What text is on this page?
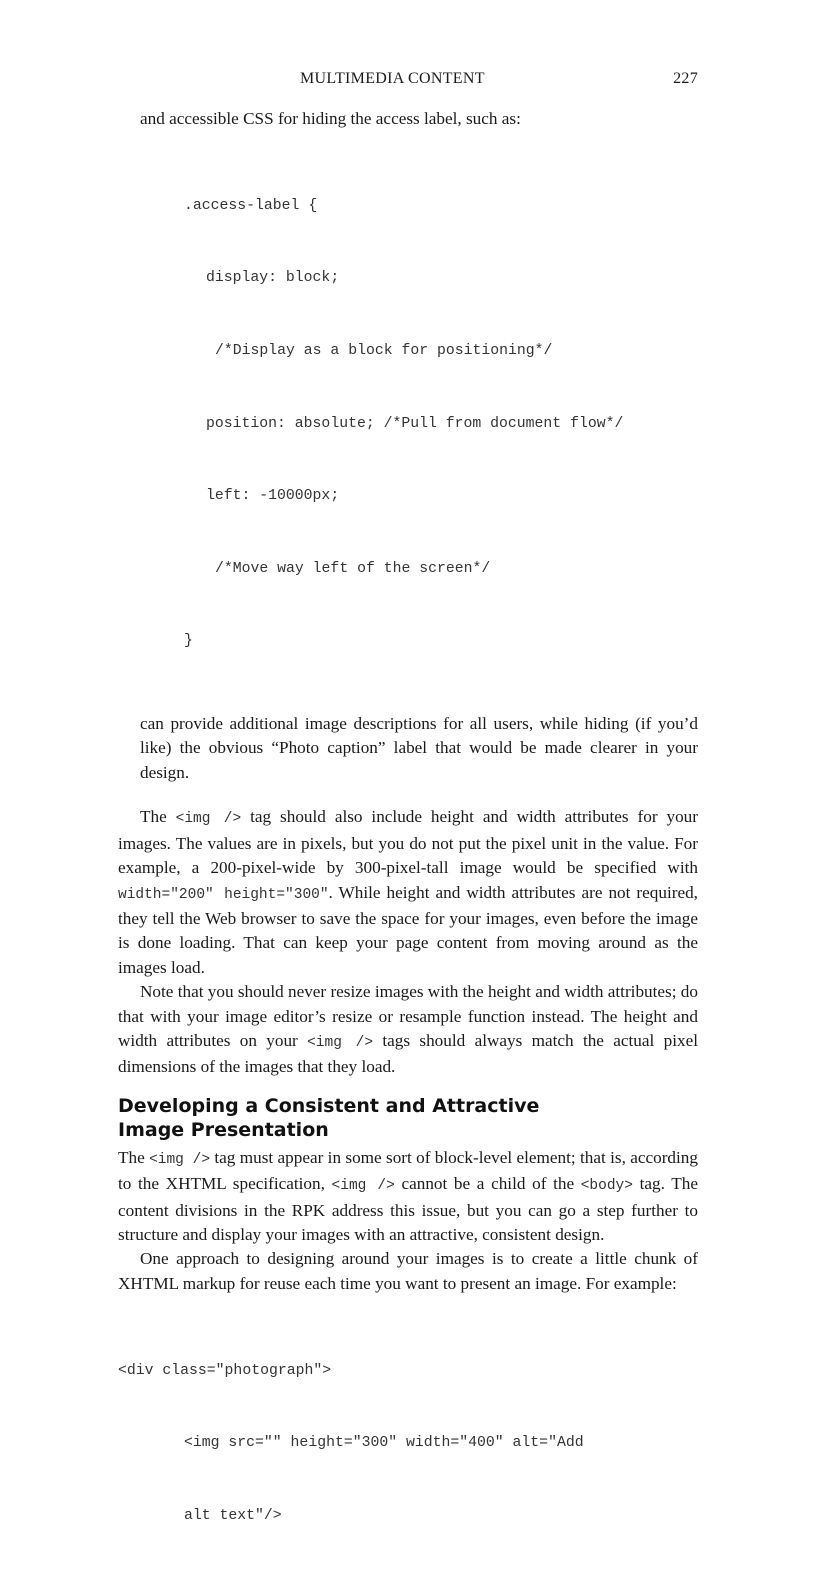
MULTIMEDIA CONTENT	227

and accessible CSS for hiding the access label, such as:

.access-label {

display: block;

/*Display as a block for positioning*/

position: absolute; /*Pull from document flow*/

left: -10000px;

/*Move way left of the screen*/

}

can provide additional image descriptions for all users, while hiding (if you’d like) the obvious “Photo caption” label that would be made clearer in your design.

The <img /> tag should also include height and width attributes for your images. The values are in pixels, but you do not put the pixel unit in the value. For example, a 200-pixel-wide by 300-pixel-tall image would be specified with width="200" height="300". While height and width attributes are not required, they tell the Web browser to save the space for your images, even before the image is done loading. That can keep your page content from moving around as the images load.

Note that you should never resize images with the height and width attributes; do that with your image editor’s resize or resample function instead. The height and width attributes on your <img /> tags should always match the actual pixel dimensions of the images that they load.

Developing a Consistent and Attractive
Image Presentation

The <img /> tag must appear in some sort of block-level element; that is, according to the XHTML specification, <img /> cannot be a child of the <body> tag. The content divisions in the RPK address this issue, but you can go a step further to structure and display your images with an attractive, consistent design.

One approach to designing around your images is to create a little chunk of XHTML markup for reuse each time you want to present an image. For example:

<div class="photograph">

<img src="" height="300" width="400" alt="Add

alt text"/>
